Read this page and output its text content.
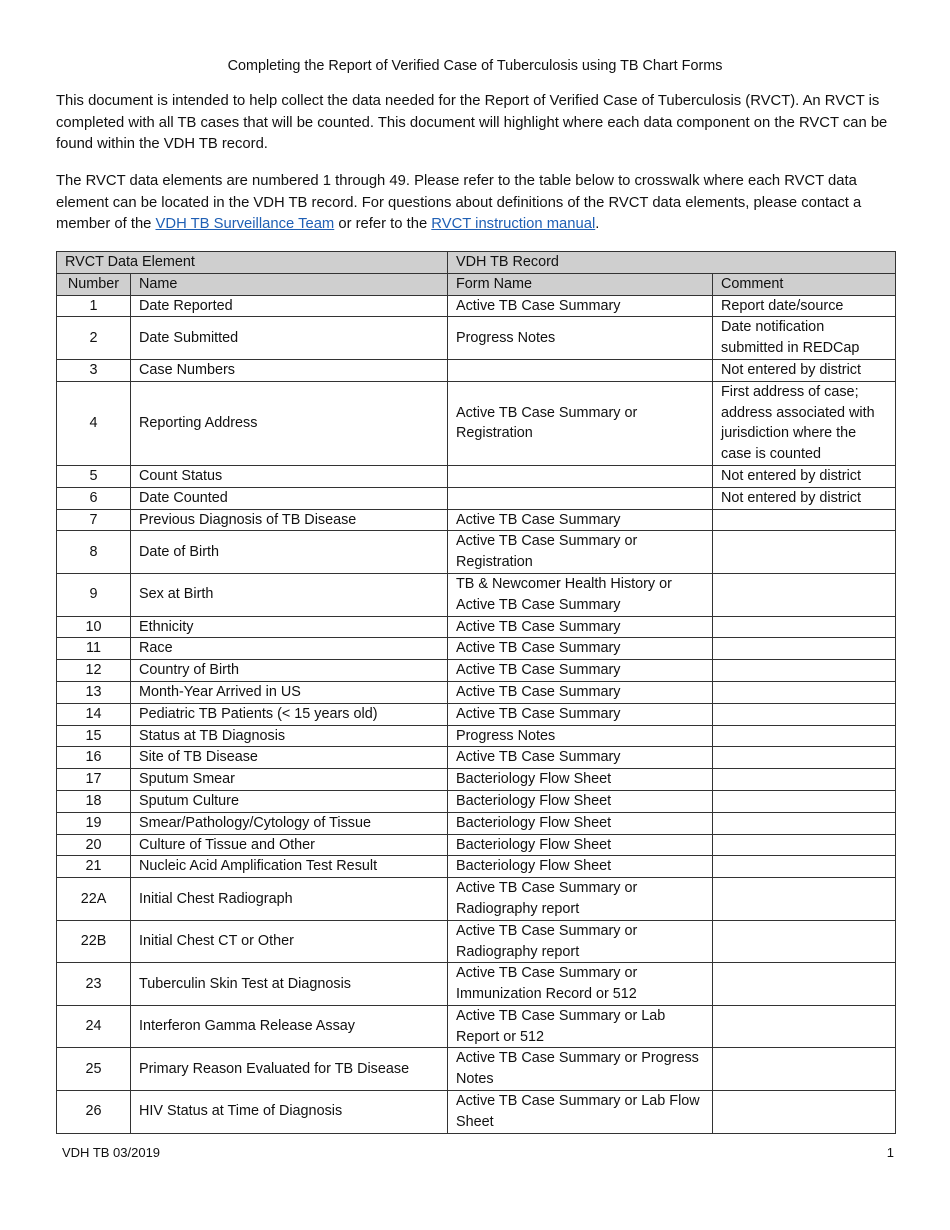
Completing the Report of Verified Case of Tuberculosis using TB Chart Forms

This document is intended to help collect the data needed for the Report of Verified Case of Tuberculosis (RVCT). An RVCT is completed with all TB cases that will be counted. This document will highlight where each data component on the RVCT can be found within the VDH TB record.

The RVCT data elements are numbered 1 through 49. Please refer to the table below to crosswalk where each RVCT data element can be located in the VDH TB record. For questions about definitions of the RVCT data elements, please contact a member of the VDH TB Surveillance Team or refer to the RVCT instruction manual.

RVCT Data Element		VDH TB Record	
Number	Name	Form Name	Comment
1	Date Reported	Active TB Case Summary	Report date/source
2	Date Submitted	Progress Notes	Date notification submitted in REDCap
3	Case Numbers		Not entered by district
4	Reporting Address	Active TB Case Summary or Registration	First address of case; address associated with jurisdiction where the case is counted
5	Count Status		Not entered by district
6	Date Counted		Not entered by district
7	Previous Diagnosis of TB Disease	Active TB Case Summary	
8	Date of Birth	Active TB Case Summary or Registration	
9	Sex at Birth	TB & Newcomer Health History or Active TB Case Summary	
10	Ethnicity	Active TB Case Summary	
11	Race	Active TB Case Summary	
12	Country of Birth	Active TB Case Summary	
13	Month-Year Arrived in US	Active TB Case Summary	
14	Pediatric TB Patients (< 15 years old)	Active TB Case Summary	
15	Status at TB Diagnosis	Progress Notes	
16	Site of TB Disease	Active TB Case Summary	
17	Sputum Smear	Bacteriology Flow Sheet	
18	Sputum Culture	Bacteriology Flow Sheet	
19	Smear/Pathology/Cytology of Tissue	Bacteriology Flow Sheet	
20	Culture of Tissue and Other	Bacteriology Flow Sheet	
21	Nucleic Acid Amplification Test Result	Bacteriology Flow Sheet	
22A	Initial Chest Radiograph	Active TB Case Summary or Radiography report	
22B	Initial Chest CT or Other	Active TB Case Summary or Radiography report	
23	Tuberculin Skin Test at Diagnosis	Active TB Case Summary or Immunization Record or 512	
24	Interferon Gamma Release Assay	Active TB Case Summary or Lab Report or 512	
25	Primary Reason Evaluated for TB Disease	Active TB Case Summary or Progress Notes	
26	HIV Status at Time of Diagnosis	Active TB Case Summary or Lab Flow Sheet	
VDH TB 03/2019	1
